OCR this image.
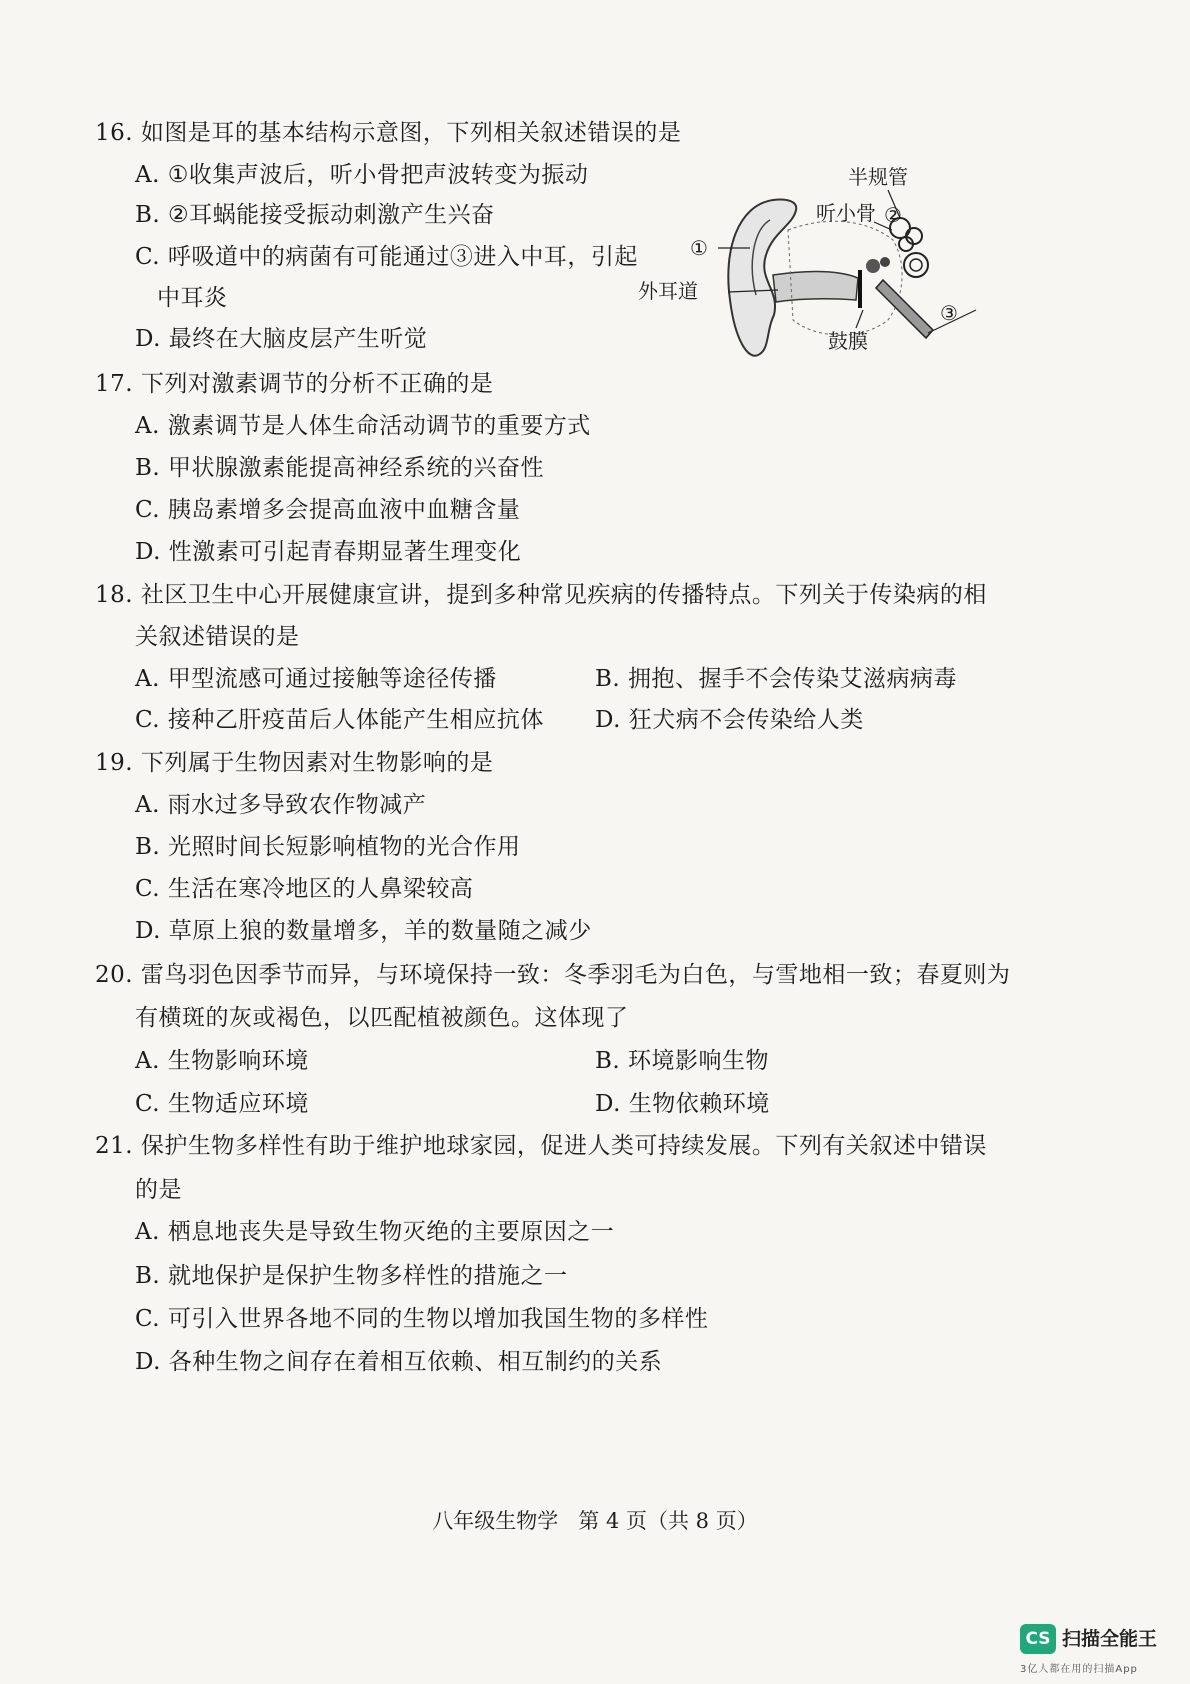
16. 如图是耳的基本结构示意图，下列相关叙述错误的是
A. ①收集声波后，听小骨把声波转变为振动
B. ②耳蜗能接受振动刺激产生兴奋
C. 呼吸道中的病菌有可能通过③进入中耳，引起
中耳炎
D. 最终在大脑皮层产生听觉
半规管
听小骨 ②
①
外耳道
鼓膜
③
17. 下列对激素调节的分析不正确的是
A. 激素调节是人体生命活动调节的重要方式
B. 甲状腺激素能提高神经系统的兴奋性
C. 胰岛素增多会提高血液中血糖含量
D. 性激素可引起青春期显著生理变化
18. 社区卫生中心开展健康宣讲，提到多种常见疾病的传播特点。下列关于传染病的相
关叙述错误的是
A. 甲型流感可通过接触等途径传播	B. 拥抱、握手不会传染艾滋病病毒
C. 接种乙肝疫苗后人体能产生相应抗体 D. 狂犬病不会传染给人类
19. 下列属于生物因素对生物影响的是
A. 雨水过多导致农作物减产
B. 光照时间长短影响植物的光合作用
C. 生活在寒冷地区的人鼻梁较高
D. 草原上狼的数量增多，羊的数量随之减少
20. 雷鸟羽色因季节而异，与环境保持一致：冬季羽毛为白色，与雪地相一致；春夏则为
有横斑的灰或褐色，以匹配植被颜色。这体现了
A. 生物影响环境	B. 环境影响生物
C. 生物适应环境	D. 生物依赖环境
21. 保护生物多样性有助于维护地球家园，促进人类可持续发展。下列有关叙述中错误
的是
A. 栖息地丧失是导致生物灭绝的主要原因之一
B. 就地保护是保护生物多样性的措施之一
C. 可引入世界各地不同的生物以增加我国生物的多样性
D. 各种生物之间存在着相互依赖、相互制约的关系
八年级生物学   第 4 页（共 8 页）
CS 扫描全能王
3亿人都在用的扫描App
